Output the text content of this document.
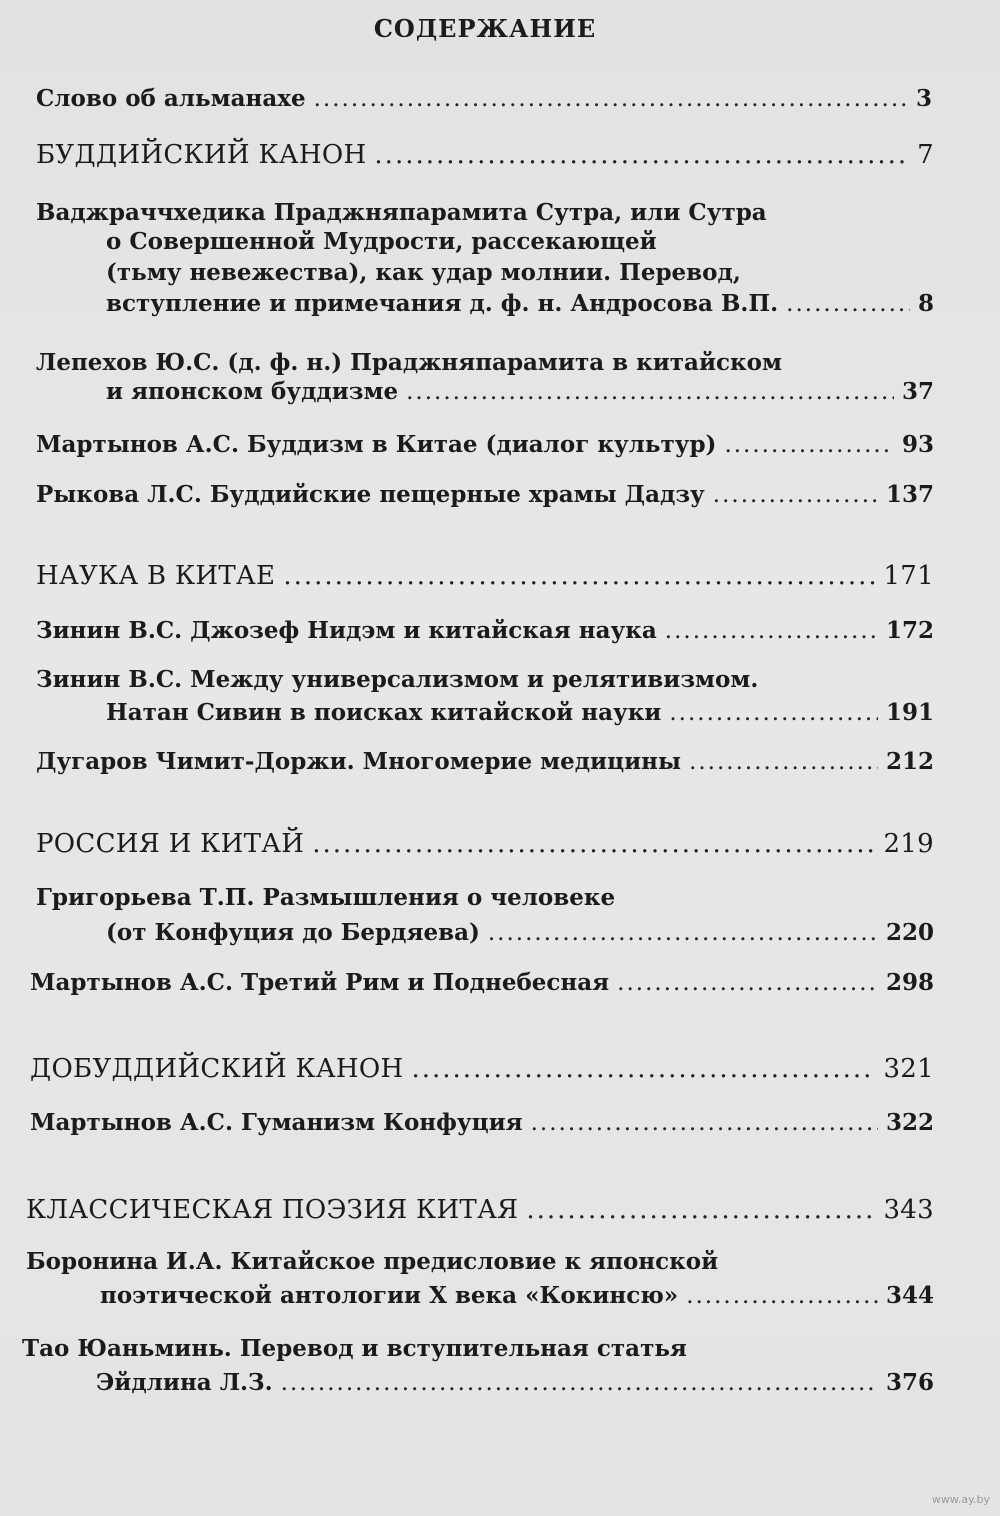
СОДЕРЖАНИЕ
Слово об альманахе .....	3
БУДДИЙСКИЙ КАНОН .....	7
Ваджраччхедика Праджняпарамита Сутра, или Сутра
о Совершенной Мудрости, рассекающей
(тьму невежества), как удар молнии. Перевод,
вступление и примечания д. ф. н. Андросова В.П. .....	8
Лепехов Ю.С. (д. ф. н.) Праджняпарамита в китайском
и японском буддизме .....	37
Мартынов А.С. Буддизм в Китае (диалог культур) .....	93
Рыкова Л.С. Буддийские пещерные храмы Дадзу .....	137
НАУКА В КИТАЕ .....	171
Зинин В.С. Джозеф Нидэм и китайская наука .....	172
Зинин В.С. Между универсализмом и релятивизмом.
Натан Сивин в поисках китайской науки .....	191
Дугаров Чимит-Доржи. Многомерие медицины .....	212
РОССИЯ И КИТАЙ .....	219
Григорьева Т.П. Размышления о человеке
(от Конфуция до Бердяева) .....	220
Мартынов А.С. Третий Рим и Поднебесная .....	298
ДОБУДДИЙСКИЙ КАНОН .....	321
Мартынов А.С. Гуманизм Конфуция .....	322
КЛАССИЧЕСКАЯ ПОЭЗИЯ КИТАЯ .....	343
Боронина И.А. Китайское предисловие к японской
поэтической антологии X века «Кокинсю» .....	344
Тао Юаньминь. Перевод и вступительная статья
Эйдлина Л.З. .....	376
www.ay.by
